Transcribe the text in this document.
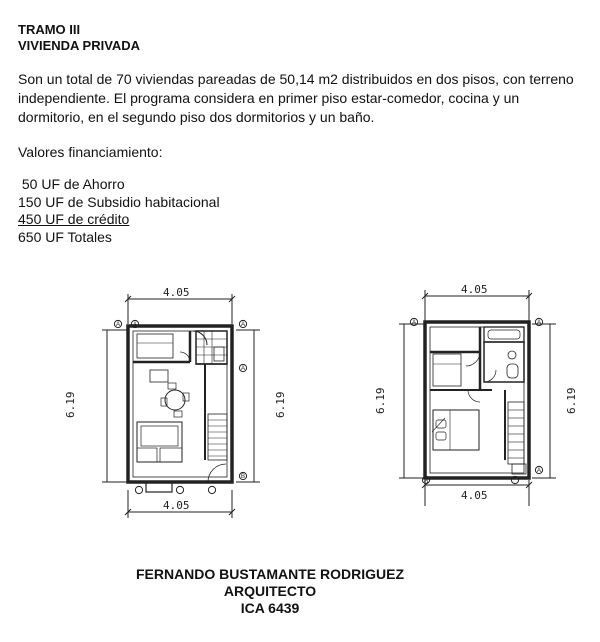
TRAMO III
VIVIENDA PRIVADA
Son un total de 70 viviendas pareadas de 50,14 m2 distribuidos en dos pisos, con terreno independiente. El programa considera en primer piso estar-comedor, cocina y un dormitorio, en el segundo piso dos dormitorios y un baño.
Valores financiamiento:
50 UF de Ahorro
150 UF de Subsidio habitacional
450 UF de crédito
650 UF Totales
A A	A
A
B
4.05
4.05
6.19	6.19
A	A
A
A
4.05
4.05
6.19	6.19
FERNANDO BUSTAMANTE RODRIGUEZ
ARQUITECTO
ICA 6439
